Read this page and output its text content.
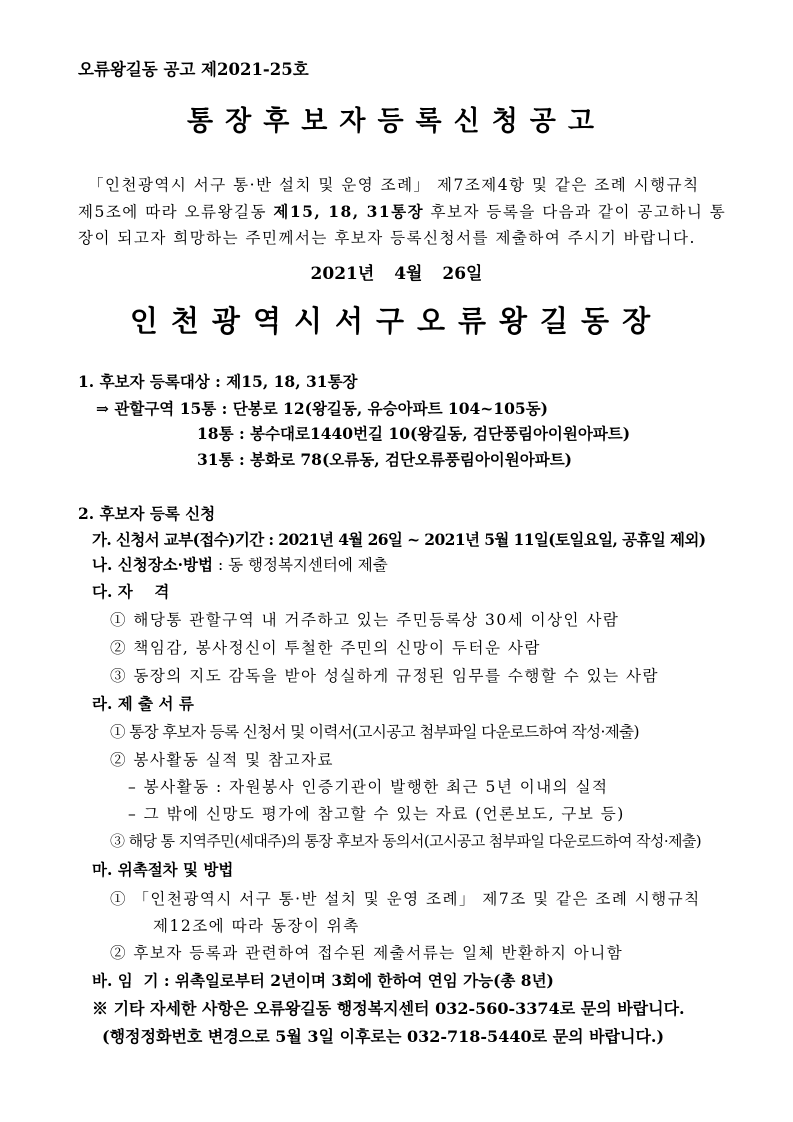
오류왕길동 공고 제2021-25호
통장후보자등록신청공고
「인천광역시 서구 통·반 설치 및 운영 조례」 제7조제4항 및 같은 조례 시행규칙
제5조에 따라 오류왕길동 제15, 18, 31통장 후보자 등록을 다음과 같이 공고하니 통
장이 되고자 희망하는 주민께서는 후보자 등록신청서를 제출하여 주시기 바랍니다.
2021년 4월 26일
인천광역시서구오류왕길동장
1. 후보자 등록대상 : 제15, 18, 31통장
⇒ 관할구역 15통 : 단봉로 12(왕길동, 유승아파트 104~105동)
18통 : 봉수대로1440번길 10(왕길동, 검단풍림아이원아파트)
31통 : 봉화로 78(오류동, 검단오류풍림아이원아파트)
2. 후보자 등록 신청
가. 신청서 교부(접수)기간 : 2021년 4월 26일 ~ 2021년 5월 11일(토일요일, 공휴일 제외)
나. 신청장소·방법 : 동 행정복지센터에 제출
다. 자    격
① 해당통 관할구역 내 거주하고 있는 주민등록상 30세 이상인 사람
② 책임감, 봉사정신이 투철한 주민의 신망이 두터운 사람
③ 동장의 지도 감독을 받아 성실하게 규정된 임무를 수행할 수 있는 사람
라. 제 출 서 류
① 통장 후보자 등록 신청서 및 이력서(고시공고 첨부파일 다운로드하여 작성·제출)
② 봉사활동 실적 및 참고자료
– 봉사활동 : 자원봉사 인증기관이 발행한 최근 5년 이내의 실적
– 그 밖에 신망도 평가에 참고할 수 있는 자료 (언론보도, 구보 등)
③ 해당 통 지역주민(세대주)의 통장 후보자 동의서(고시공고 첨부파일 다운로드하여 작성·제출)
마. 위촉절차 및 방법
① 「인천광역시 서구 통·반 설치 및 운영 조례」 제7조 및 같은 조례 시행규칙
제12조에 따라 동장이 위촉
② 후보자 등록과 관련하여 접수된 제출서류는 일체 반환하지 아니함
바. 임  기 : 위촉일로부터 2년이며 3회에 한하여 연임 가능(총 8년)
※ 기타 자세한 사항은 오류왕길동 행정복지센터 032-560-3374로 문의 바랍니다.
(행정정화번호 변경으로 5월 3일 이후로는 032-718-5440로 문의 바랍니다.)
